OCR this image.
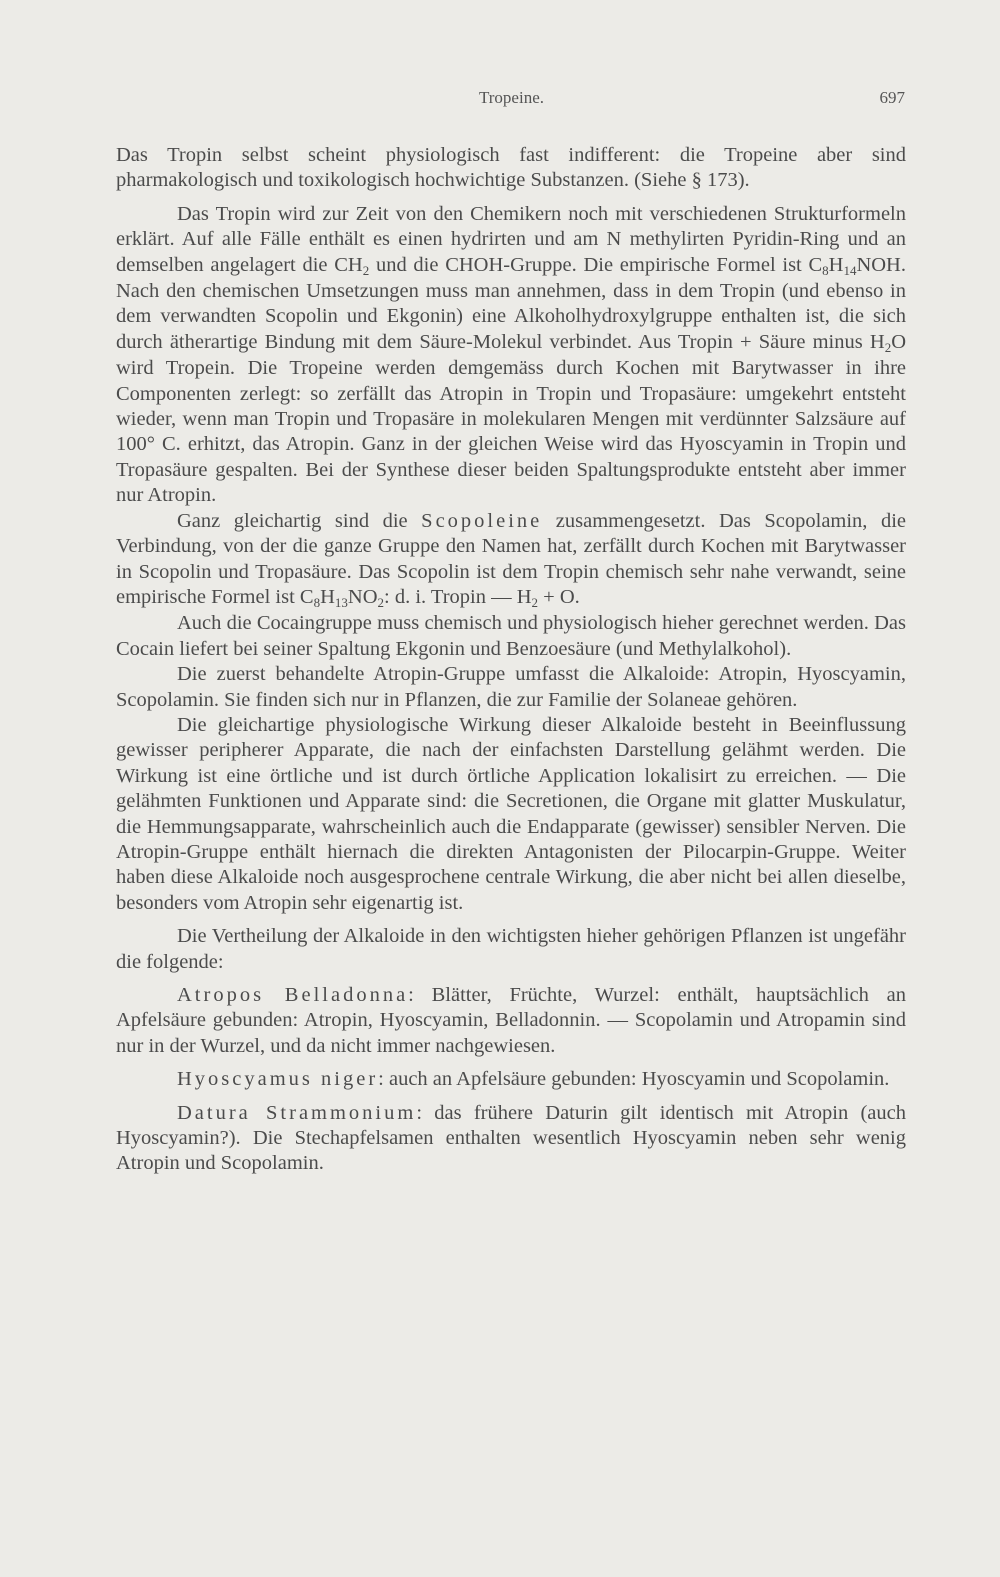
Tropeine.	697

Das Tropin selbst scheint physiologisch fast indifferent: die Tropeine aber sind pharmakologisch und toxikologisch hochwichtige Substanzen. (Siehe § 173).

Das Tropin wird zur Zeit von den Chemikern noch mit verschiedenen Strukturformeln erklärt. Auf alle Fälle enthält es einen hydrirten und am N methylirten Pyridin-Ring und an demselben angelagert die CH2 und die CHOH-Gruppe. Die empirische Formel ist C8H14NOH. Nach den chemischen Umsetzungen muss man annehmen, dass in dem Tropin (und ebenso in dem verwandten Scopolin und Ekgonin) eine Alkoholhydroxylgruppe enthalten ist, die sich durch ätherartige Bindung mit dem Säure-Molekul verbindet. Aus Tropin + Säure minus H2O wird Tropein. Die Tropeine werden demgemäss durch Kochen mit Barytwasser in ihre Componenten zerlegt: so zerfällt das Atropin in Tropin und Tropasäure: umgekehrt entsteht wieder, wenn man Tropin und Tropasäre in molekularen Mengen mit verdünnter Salzsäure auf 100° C. erhitzt, das Atropin. Ganz in der gleichen Weise wird das Hyoscyamin in Tropin und Tropasäure gespalten. Bei der Synthese dieser beiden Spaltungsprodukte entsteht aber immer nur Atropin.

Ganz gleichartig sind die Scopoleine zusammengesetzt. Das Scopolamin, die Verbindung, von der die ganze Gruppe den Namen hat, zerfällt durch Kochen mit Barytwasser in Scopolin und Tropasäure. Das Scopolin ist dem Tropin chemisch sehr nahe verwandt, seine empirische Formel ist C8H13NO2: d. i. Tropin — H2 + O.

Auch die Cocaingruppe muss chemisch und physiologisch hieher gerechnet werden. Das Cocain liefert bei seiner Spaltung Ekgonin und Benzoesäure (und Methylalkohol).

Die zuerst behandelte Atropin-Gruppe umfasst die Alkaloide: Atropin, Hyoscyamin, Scopolamin. Sie finden sich nur in Pflanzen, die zur Familie der Solaneae gehören.

Die gleichartige physiologische Wirkung dieser Alkaloide besteht in Beeinflussung gewisser peripherer Apparate, die nach der einfachsten Darstellung gelähmt werden. Die Wirkung ist eine örtliche und ist durch örtliche Application lokalisirt zu erreichen. — Die gelähmten Funktionen und Apparate sind: die Secretionen, die Organe mit glatter Muskulatur, die Hemmungsapparate, wahrscheinlich auch die Endapparate (gewisser) sensibler Nerven. Die Atropin-Gruppe enthält hiernach die direkten Antagonisten der Pilocarpin-Gruppe. Weiter haben diese Alkaloide noch ausgesprochene centrale Wirkung, die aber nicht bei allen dieselbe, besonders vom Atropin sehr eigenartig ist.

Die Vertheilung der Alkaloide in den wichtigsten hieher gehörigen Pflanzen ist ungefähr die folgende:

Atropos Belladonna: Blätter, Früchte, Wurzel: enthält, hauptsächlich an Apfelsäure gebunden: Atropin, Hyoscyamin, Belladonnin. — Scopolamin und Atropamin sind nur in der Wurzel, und da nicht immer nachgewiesen.

Hyoscyamus niger: auch an Apfelsäure gebunden: Hyoscyamin und Scopolamin.

Datura Strammonium: das frühere Daturin gilt identisch mit Atropin (auch Hyoscyamin?). Die Stechapfelsamen enthalten wesentlich Hyoscyamin neben sehr wenig Atropin und Scopolamin.
